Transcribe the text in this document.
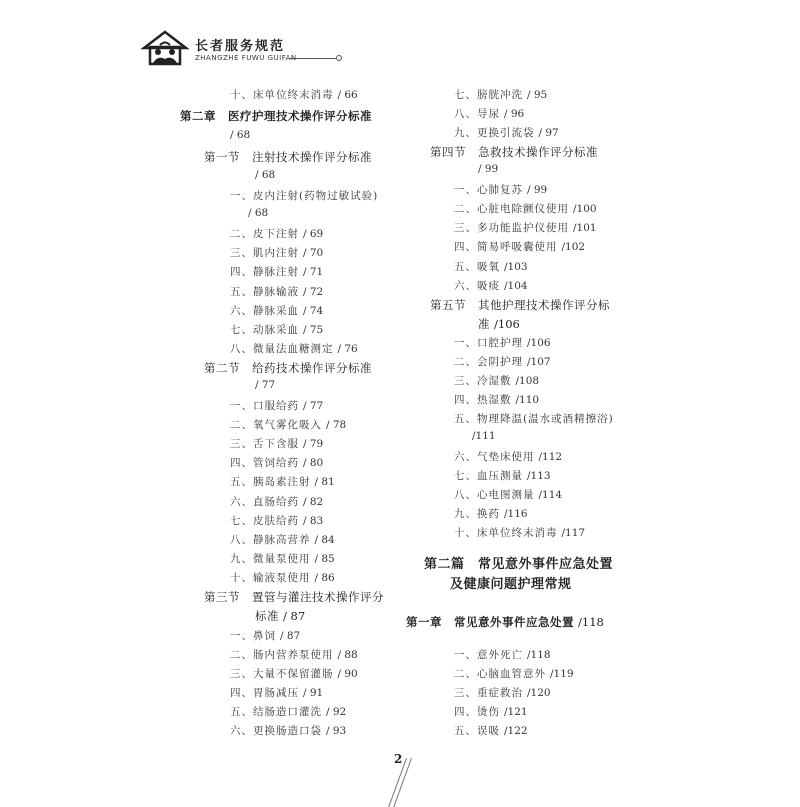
长者服务规范
ZHANGZHE FUWU GUIFAN
十、床单位终末消毒 / 66
第二章　医疗护理技术操作评分标准
/ 68
第一节　注射技术操作评分标准
/ 68
一、皮内注射(药物过敏试验)
/ 68
二、皮下注射 / 69
三、肌内注射 / 70
四、静脉注射 / 71
五、静脉输液 / 72
六、静脉采血 / 74
七、动脉采血 / 75
八、微量法血糖测定 / 76
第二节　给药技术操作评分标准
/ 77
一、口服给药 / 77
二、氧气雾化吸入 / 78
三、舌下含服 / 79
四、管饲给药 / 80
五、胰岛素注射 / 81
六、直肠给药 / 82
七、皮肤给药 / 83
八、静脉高营养 / 84
九、微量泵使用 / 85
十、输液泵使用 / 86
第三节　置管与灌注技术操作评分
标准 / 87
一、鼻饲 / 87
二、肠内营养泵使用 / 88
三、大量不保留灌肠 / 90
四、胃肠减压 / 91
五、结肠造口灌洗 / 92
六、更换肠造口袋 / 93
七、膀胱冲洗 / 95
八、导尿 / 96
九、更换引流袋 / 97
第四节　急救技术操作评分标准
/ 99
一、心肺复苏 / 99
二、心脏电除颤仪使用 /100
三、多功能监护仪使用 /101
四、简易呼吸囊使用 /102
五、吸氧 /103
六、吸痰 /104
第五节　其他护理技术操作评分标
准 /106
一、口腔护理 /106
二、会阴护理 /107
三、冷湿敷 /108
四、热湿敷 /110
五、物理降温(温水或酒精擦浴)
/111
六、气垫床使用 /112
七、血压测量 /113
八、心电图测量 /114
九、换药 /116
十、床单位终末消毒 /117
第二篇　常见意外事件应急处置
及健康问题护理常规
第一章　常见意外事件应急处置 /118
一、意外死亡 /118
二、心脑血管意外 /119
三、重症救治 /120
四、烫伤 /121
五、误吸 /122
2
